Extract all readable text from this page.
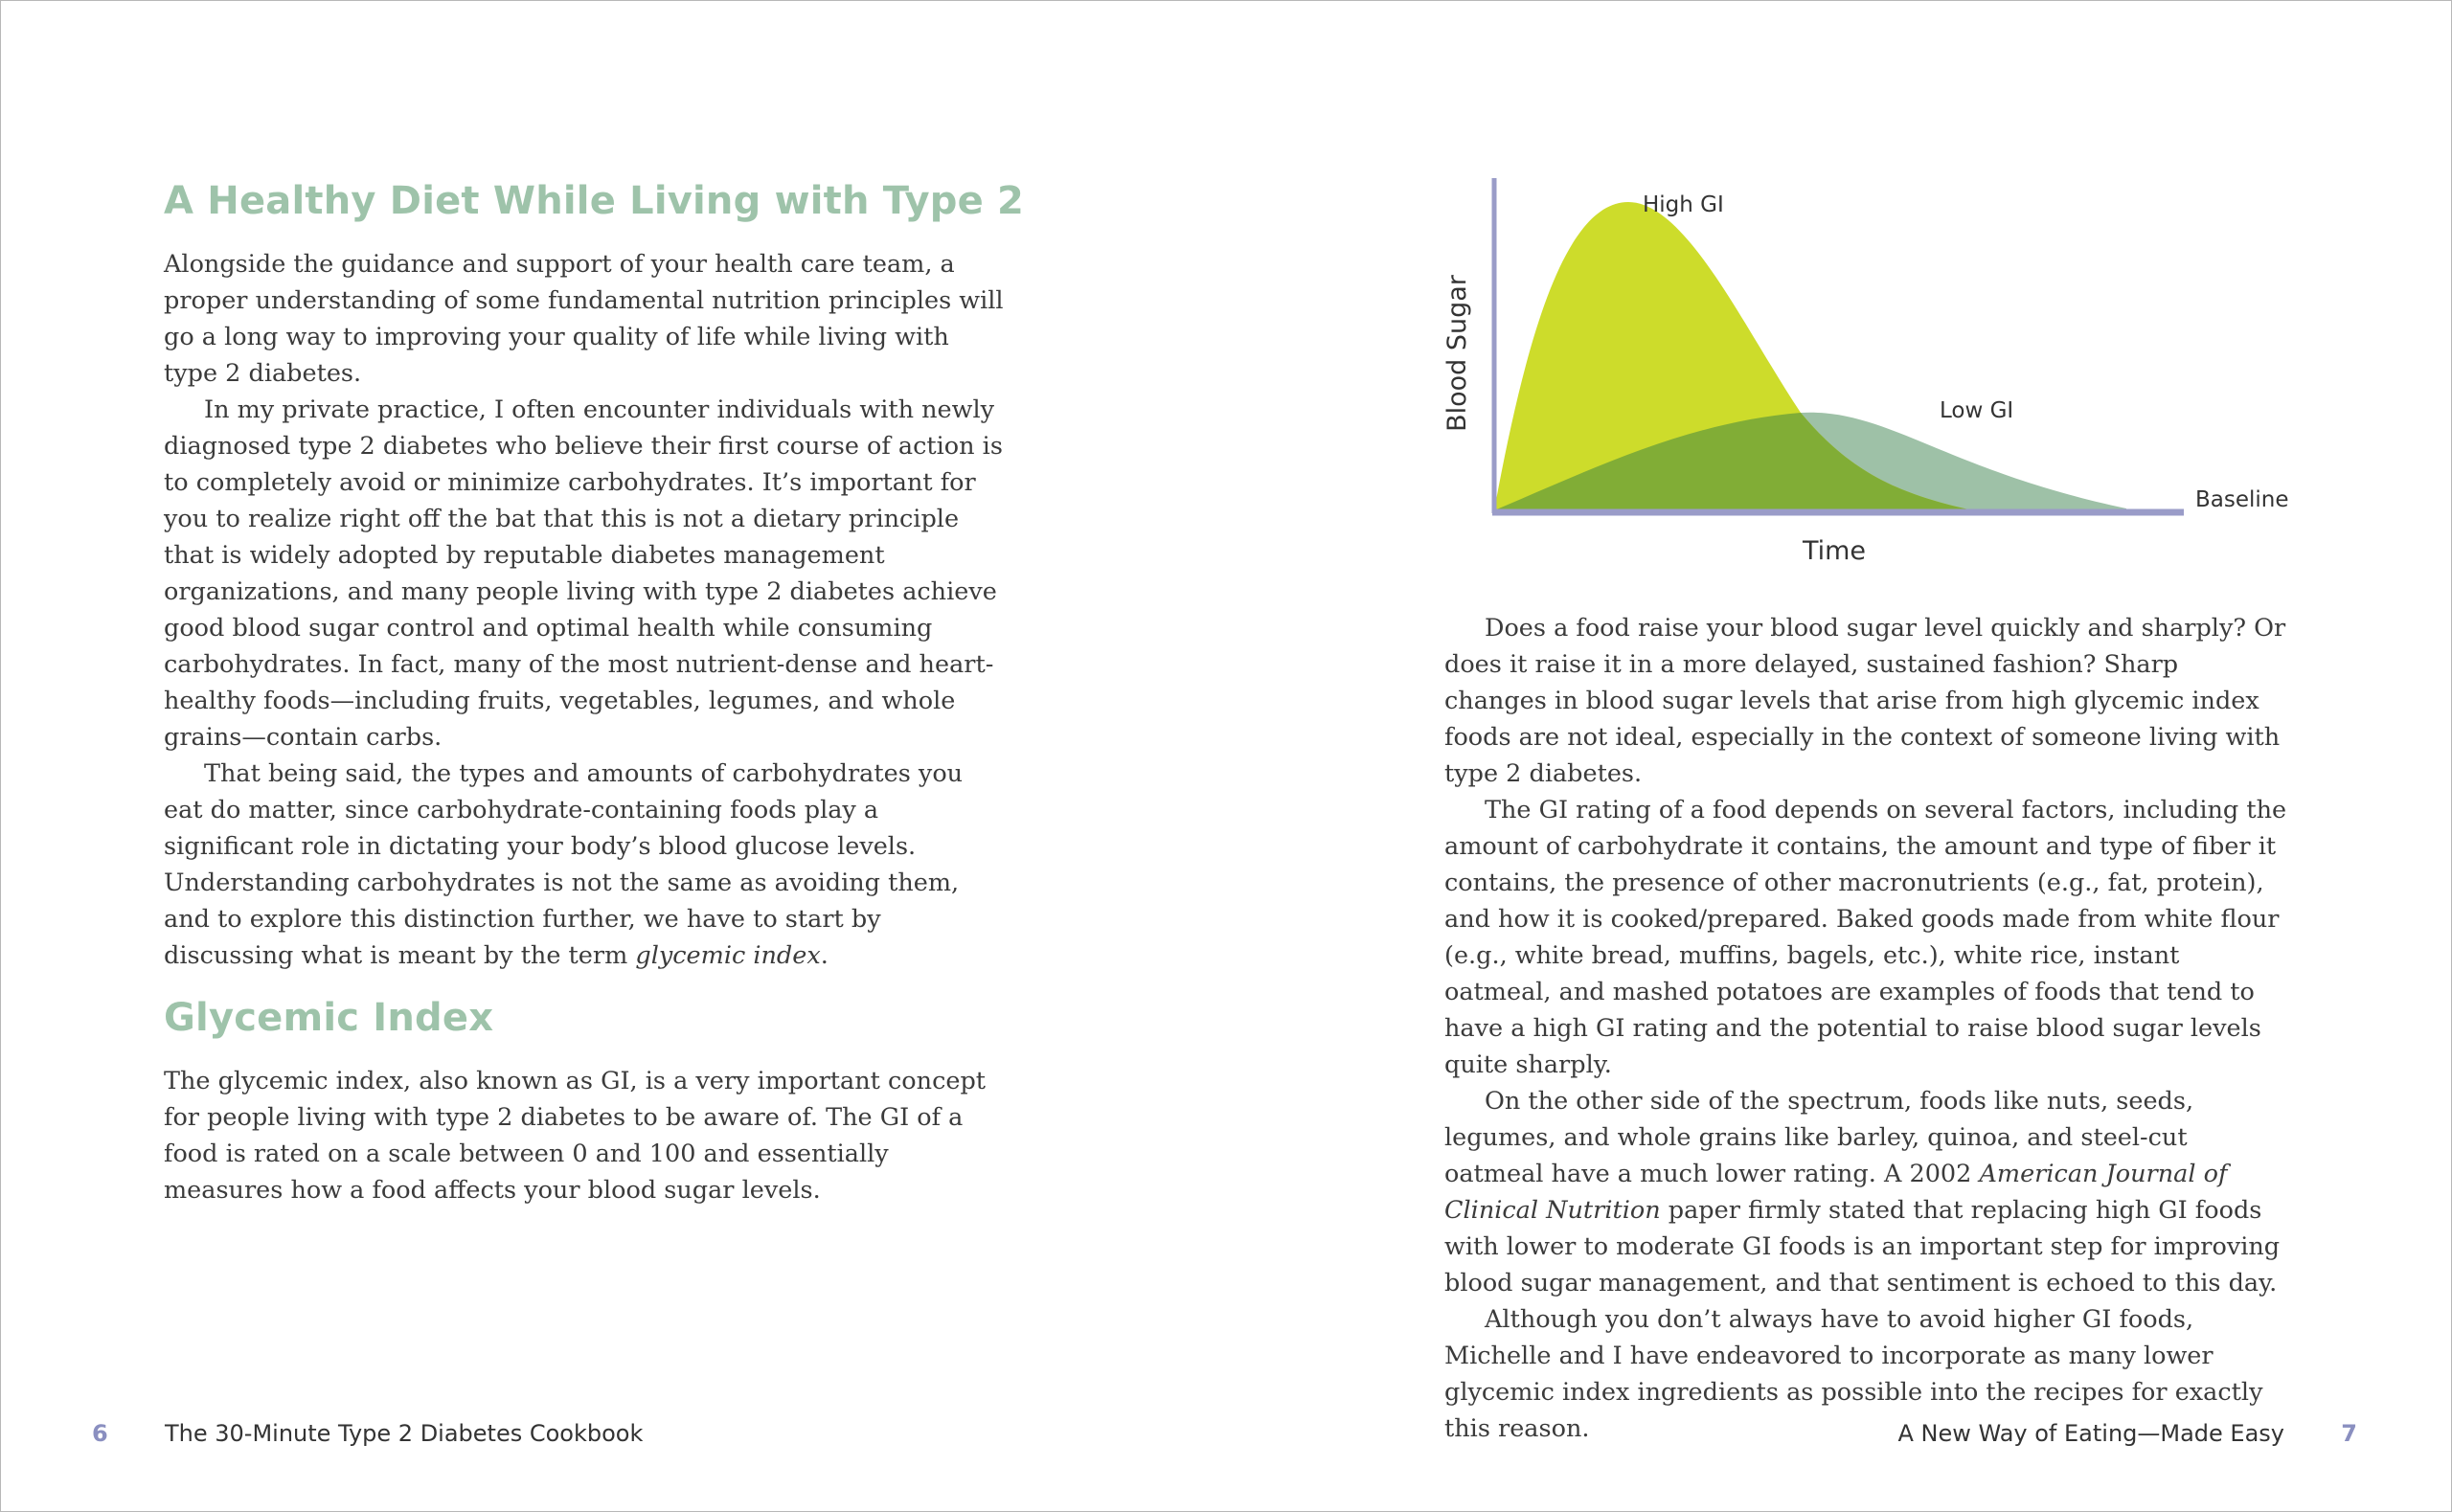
A Healthy Diet While Living with Type 2

Alongside the guidance and support of your health care team, a proper understanding of some fundamental nutrition principles will go a long way to improving your quality of life while living with type 2 diabetes.

In my private practice, I often encounter individuals with newly diagnosed type 2 diabetes who believe their first course of action is to completely avoid or minimize carbohydrates. It’s important for you to realize right off the bat that this is not a dietary principle that is widely adopted by reputable diabetes management organizations, and many people living with type 2 diabetes achieve good blood sugar control and optimal health while consuming carbohydrates. In fact, many of the most nutrient-dense and heart-healthy foods—including fruits, vegetables, legumes, and whole grains—contain carbs.

That being said, the types and amounts of carbohydrates you eat do matter, since carbohydrate-containing foods play a significant role in dictating your body’s blood glucose levels. Understanding carbohydrates is not the same as avoiding them, and to explore this distinction further, we have to start by discussing what is meant by the term glycemic index.

Glycemic Index

The glycemic index, also known as GI, is a very important concept for people living with type 2 diabetes to be aware of. The GI of a food is rated on a scale between 0 and 100 and essentially measures how a food affects your blood sugar levels.

6 The 30-Minute Type 2 Diabetes Cookbook
High GI
Low GI
Baseline
Time
Blood Sugar

Does a food raise your blood sugar level quickly and sharply? Or does it raise it in a more delayed, sustained fashion? Sharp changes in blood sugar levels that arise from high glycemic index foods are not ideal, especially in the context of someone living with type 2 diabetes.

The GI rating of a food depends on several factors, including the amount of carbohydrate it contains, the amount and type of fiber it contains, the presence of other macronutrients (e.g., fat, protein), and how it is cooked/prepared. Baked goods made from white flour (e.g., white bread, muffins, bagels, etc.), white rice, instant oatmeal, and mashed potatoes are examples of foods that tend to have a high GI rating and the potential to raise blood sugar levels quite sharply.

On the other side of the spectrum, foods like nuts, seeds, legumes, and whole grains like barley, quinoa, and steel-cut oatmeal have a much lower rating. A 2002 American Journal of Clinical Nutrition paper firmly stated that replacing high GI foods with lower to moderate GI foods is an important step for improving blood sugar management, and that sentiment is echoed to this day.

Although you don’t always have to avoid higher GI foods, Michelle and I have endeavored to incorporate as many lower glycemic index ingredients as possible into the recipes for exactly this reason.	A New Way of Eating—Made Easy 7
